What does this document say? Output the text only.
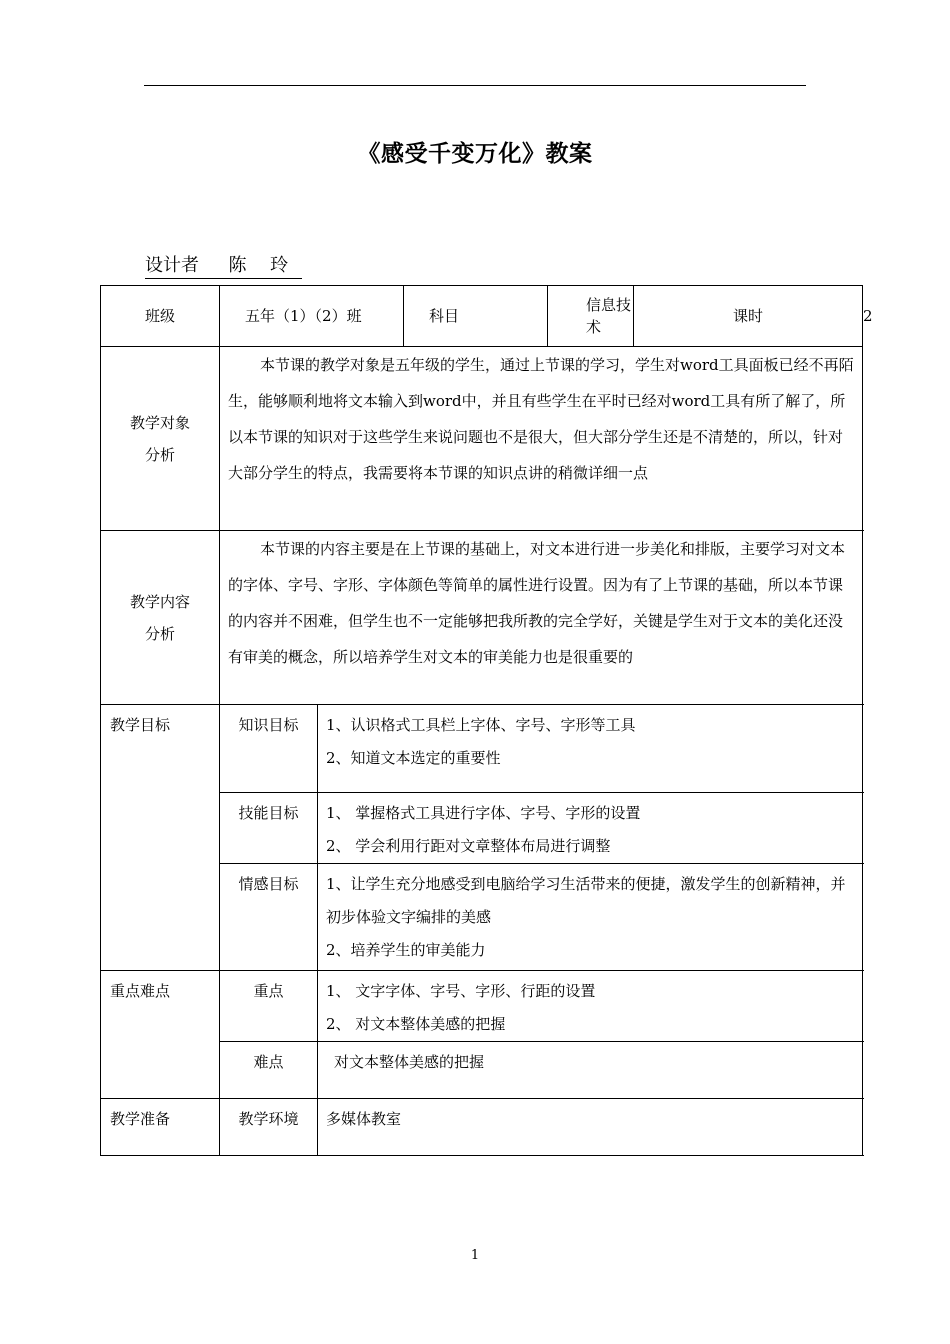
《感受千变万化》教案
设计者　  陈　 玲
班级	五年（1）（2）班		科目	信息技术	课时	2
教学对象分析	本节课的教学对象是五年级的学生，通过上节课的学习，学生对word工具面板已经不再陌生，能够顺利地将文本输入到word中，并且有些学生在平时已经对word工具有所了解了，所以本节课的知识对于这些学生来说问题也不是很大，但大部分学生还是不清楚的，所以，针对大部分学生的特点，我需要将本节课的知识点讲的稍微详细一点					
教学内容分析	本节课的内容主要是在上节课的基础上，对文本进行进一步美化和排版，主要学习对文本的字体、字号、字形、字体颜色等简单的属性进行设置。因为有了上节课的基础，所以本节课的内容并不困难，但学生也不一定能够把我所教的完全学好，关键是学生对于文本的美化还没有审美的概念，所以培养学生对文本的审美能力也是很重要的					
教学目标	知识目标	1、认识格式工具栏上字体、字号、字形等工具
2、知道文本选定的重要性				

	技能目标	1、 掌握格式工具进行字体、字号、字形的设置
2、 学会利用行距对文章整体布局进行调整				

	情感目标	1、让学生充分地感受到电脑给学习生活带来的便捷，激发学生的创新精神，并初步体验文字编排的美感
2、培养学生的审美能力				

重点难点	重点	1、 文字字体、字号、字形、行距的设置
2、 对文本整体美感的把握				

	难点	对文本整体美感的把握				
教学准备	教学环境	多媒体教室				
1
